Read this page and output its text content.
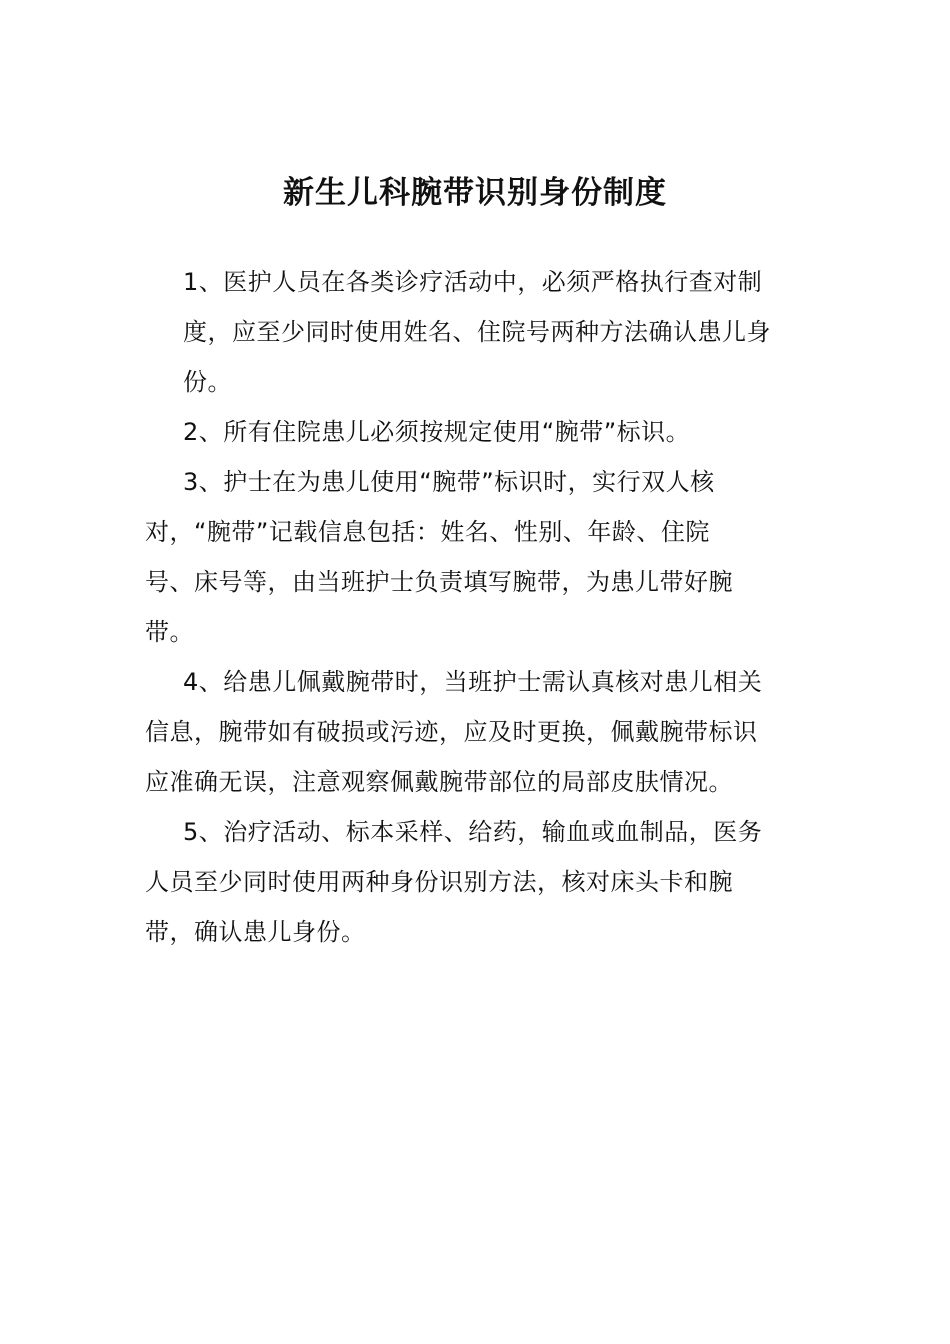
新生儿科腕带识别身份制度
1、医护人员在各类诊疗活动中，必须严格执行查对制
度，应至少同时使用姓名、住院号两种方法确认患儿身
份。
2、所有住院患儿必须按规定使用“腕带”标识。
3、护士在为患儿使用“腕带”标识时，实行双人核
对，“腕带”记载信息包括：姓名、性别、年龄、住院
号、床号等，由当班护士负责填写腕带，为患儿带好腕
带。
4、给患儿佩戴腕带时，当班护士需认真核对患儿相关
信息，腕带如有破损或污迹，应及时更换，佩戴腕带标识
应准确无误，注意观察佩戴腕带部位的局部皮肤情况。
5、治疗活动、标本采样、给药，输血或血制品，医务
人员至少同时使用两种身份识别方法，核对床头卡和腕
带，确认患儿身份。
